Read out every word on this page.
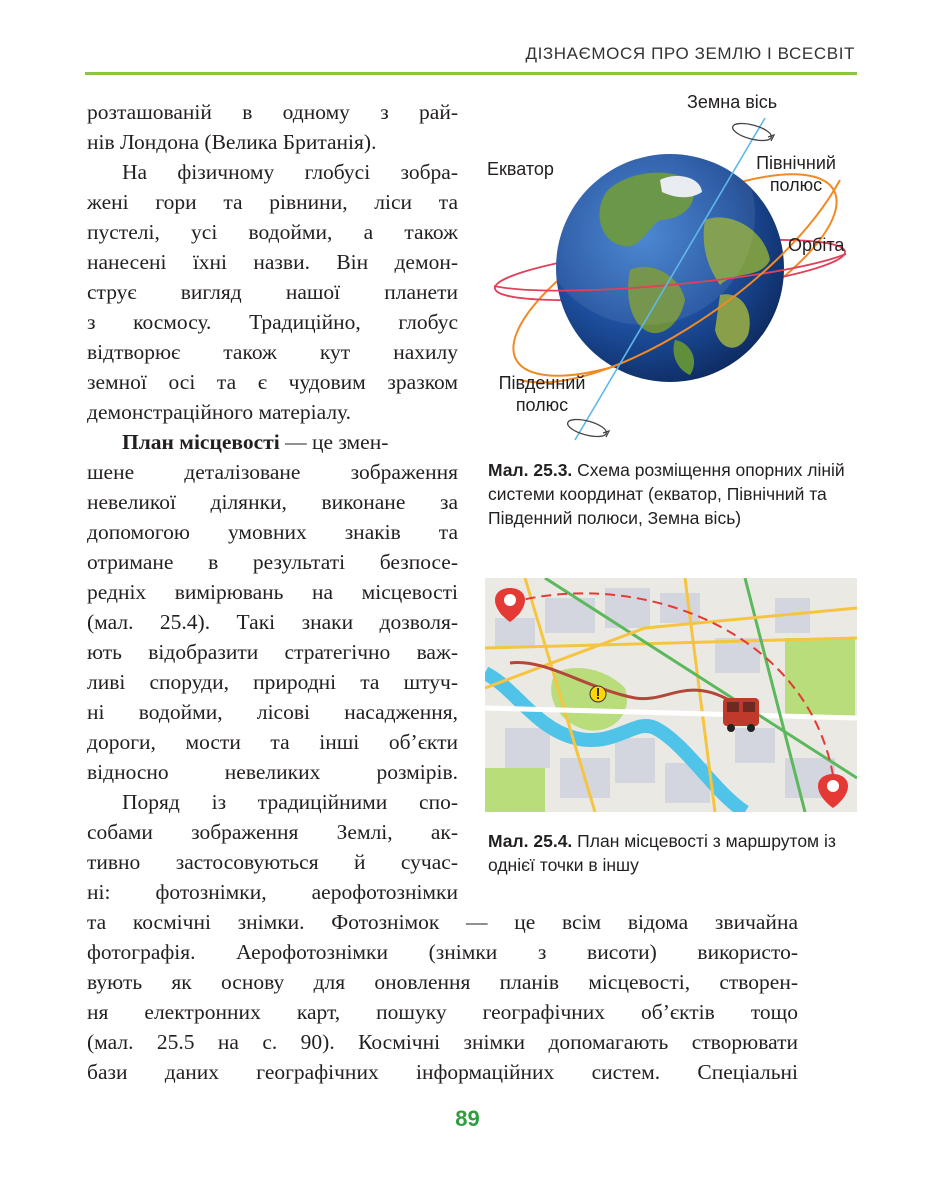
ДІЗНАЄМОСЯ ПРО ЗЕМЛЮ І ВСЕСВІТ
розташованій в одному з рай-
нів Лондона (Велика Британія).
На фізичному глобусі зобра-
жені гори та рівнини, ліси та
пустелі, усі водойми, а також
нанесені їхні назви. Він демон-
струє вигляд нашої планети
з космосу. Традиційно, глобус
відтворює також кут нахилу
земної осі та є чудовим зразком
демонстраційного матеріалу.
План місцевості — це змен-
шене деталізоване зображення
невеликої ділянки, виконане за
допомогою умовних знаків та
отримане в результаті безпосе-
редніх вимірювань на місцевості
(мал. 25.4). Такі знаки дозволя-
ють відобразити стратегічно важ-
ливі споруди, природні та штуч-
ні водойми, лісові насадження,
дороги, мости та інші об’єкти
відносно невеликих розмірів.
Поряд із традиційними спо-
собами зображення Землі, ак-
тивно застосовуються й сучас-
ні: фотознімки, аерофотознімки
та космічні знімки. Фотознімок — це всім відома звичайна
фотографія. Аерофотознімки (знімки з висоти) використо-
вують як основу для оновлення планів місцевості, створен-
ня електронних карт, пошуку географічних об’єктів тощо
(мал. 25.5 на с. 90). Космічні знімки допомагають створювати
бази даних географічних інформаційних систем. Спеціальні
Земна вісь
Екватор	Північний полюс
Орбіта
Південний полюс
Мал. 25.3. Схема розміщення опорних ліній системи координат (екватор, Північний та Південний полюси, Земна вісь)
Мал. 25.4. План місцевості з маршрутом із однієї точки в іншу
89
